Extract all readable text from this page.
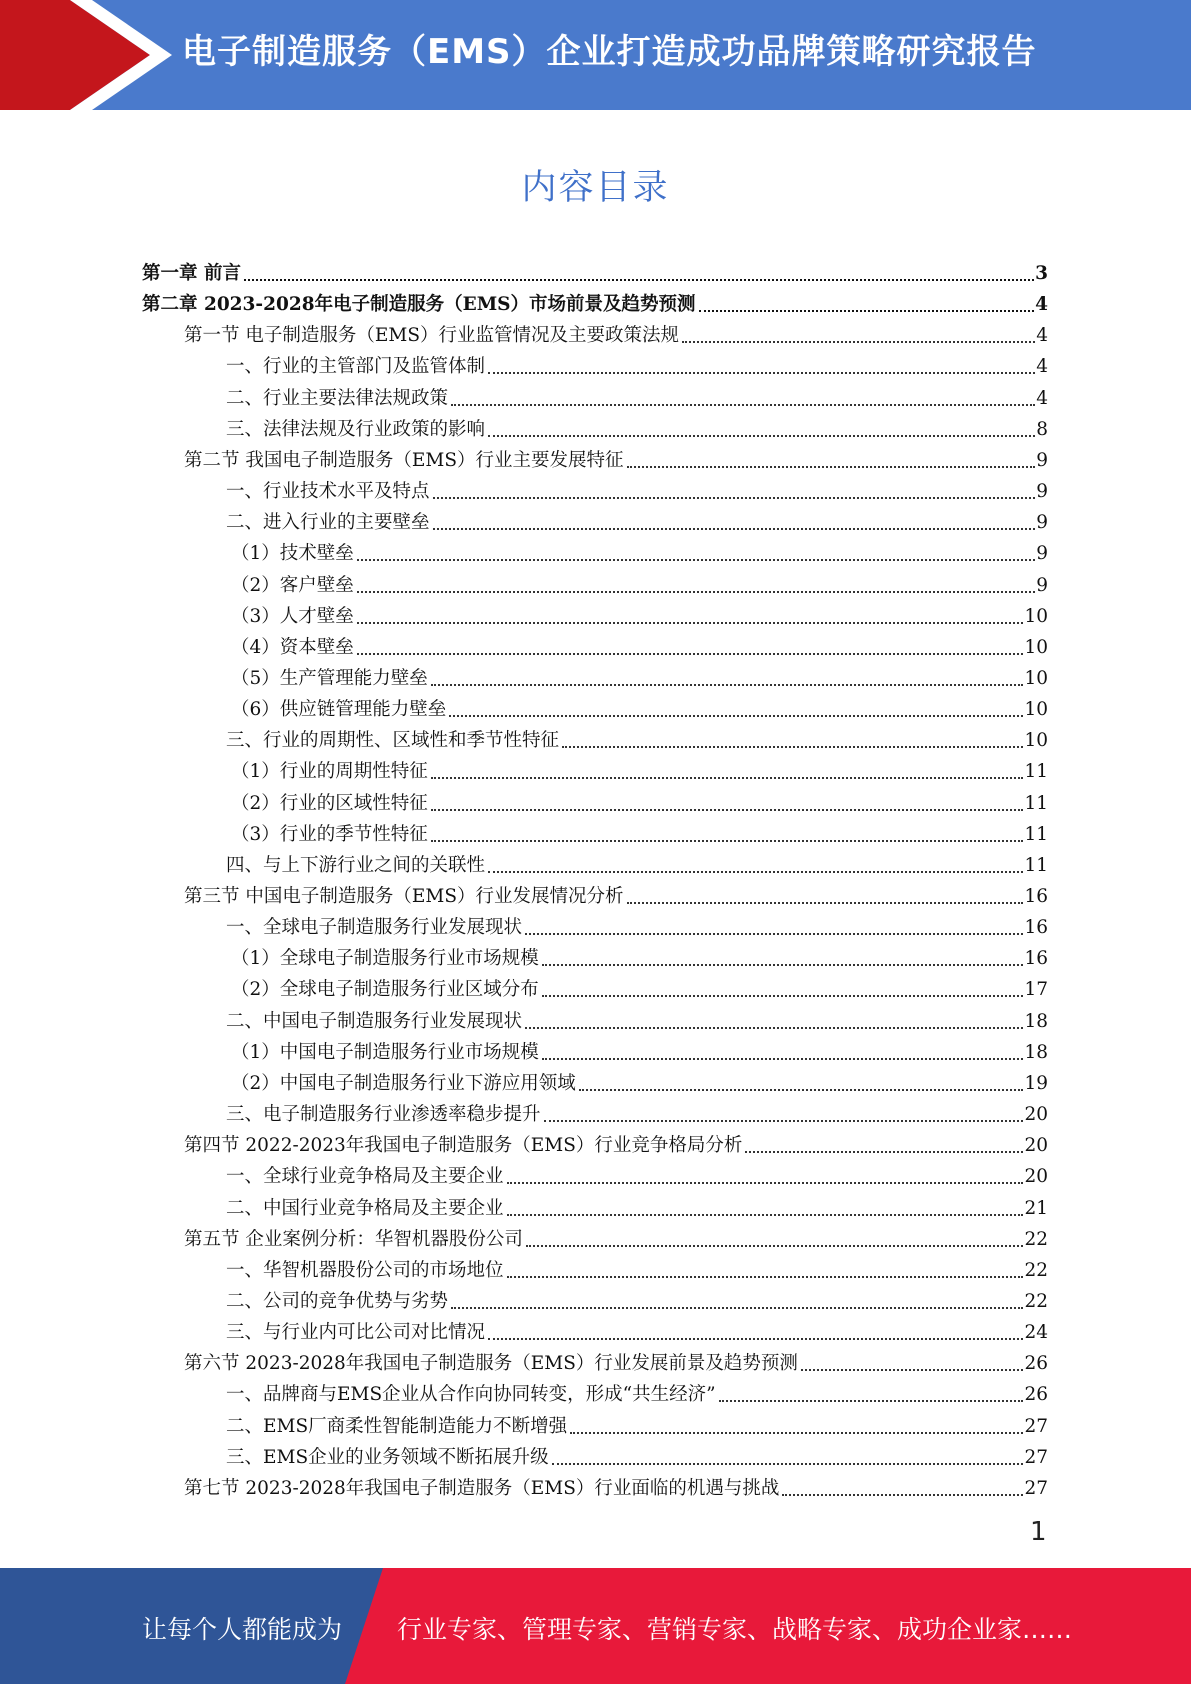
电子制造服务（EMS）企业打造成功品牌策略研究报告
内容目录
第一章 前言	3
第二章 2023-2028年电子制造服务（EMS）市场前景及趋势预测	4
第一节 电子制造服务（EMS）行业监管情况及主要政策法规	4
一、行业的主管部门及监管体制	4
二、行业主要法律法规政策	4
三、法律法规及行业政策的影响	8
第二节 我国电子制造服务（EMS）行业主要发展特征	9
一、行业技术水平及特点	9
二、进入行业的主要壁垒	9
（1）技术壁垒	9
（2）客户壁垒	9
（3）人才壁垒	10
（4）资本壁垒	10
（5）生产管理能力壁垒	10
（6）供应链管理能力壁垒	10
三、行业的周期性、区域性和季节性特征	10
（1）行业的周期性特征	11
（2）行业的区域性特征	11
（3）行业的季节性特征	11
四、与上下游行业之间的关联性	11
第三节 中国电子制造服务（EMS）行业发展情况分析	16
一、全球电子制造服务行业发展现状	16
（1）全球电子制造服务行业市场规模	16
（2）全球电子制造服务行业区域分布	17
二、中国电子制造服务行业发展现状	18
（1）中国电子制造服务行业市场规模	18
（2）中国电子制造服务行业下游应用领域	19
三、电子制造服务行业渗透率稳步提升	20
第四节 2022-2023年我国电子制造服务（EMS）行业竞争格局分析	20
一、全球行业竞争格局及主要企业	20
二、中国行业竞争格局及主要企业	21
第五节 企业案例分析：华智机器股份公司	22
一、华智机器股份公司的市场地位	22
二、公司的竞争优势与劣势	22
三、与行业内可比公司对比情况	24
第六节 2023-2028年我国电子制造服务（EMS）行业发展前景及趋势预测	26
一、品牌商与EMS企业从合作向协同转变，形成“共生经济”	26
二、EMS厂商柔性智能制造能力不断增强	27
三、EMS企业的业务领域不断拓展升级	27
第七节 2023-2028年我国电子制造服务（EMS）行业面临的机遇与挑战	27
1
让每个人都能成为 行业专家、管理专家、营销专家、战略专家、成功企业家……
